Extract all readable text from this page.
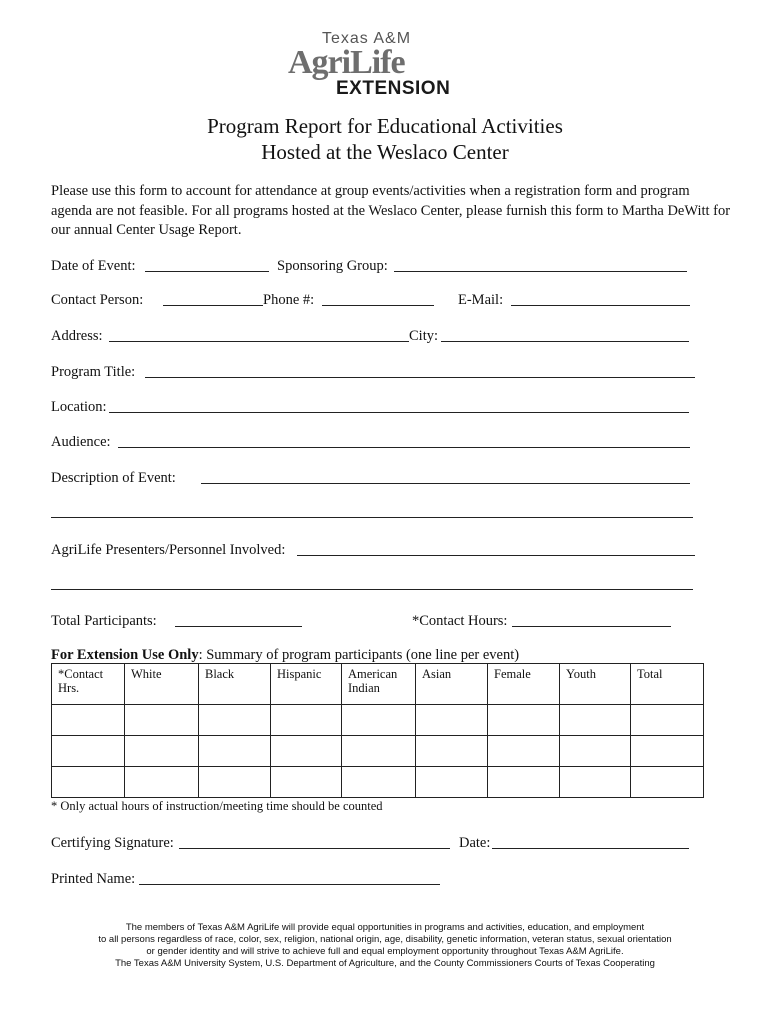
Texas A&M
AgriLife
EXTENSION
Program Report for Educational Activities
Hosted at the Weslaco Center
Please use this form to account for attendance at group events/activities when a registration form and program agenda are not feasible. For all programs hosted at the Weslaco Center, please furnish this form to Martha DeWitt for our annual Center Usage Report.
Date of Event:	Sponsoring Group:
Contact Person:	Phone #:	E-Mail:
Address:	City:
Program Title:
Location:
Audience:
Description of Event:
AgriLife Presenters/Personnel Involved:
Total Participants:	*Contact Hours:
For Extension Use Only: Summary of program participants (one line per event)
*Contact Hrs.	White	Black	Hispanic	American Indian	Asian	Female	Youth	Total

* Only actual hours of instruction/meeting time should be counted
Certifying Signature:	Date:
Printed Name:
The members of Texas A&M AgriLife will provide equal opportunities in programs and activities, education, and employment
to all persons regardless of race, color, sex, religion, national origin, age, disability, genetic information, veteran status, sexual orientation
or gender identity and will strive to achieve full and equal employment opportunity throughout Texas A&M AgriLife.
The Texas A&M University System, U.S. Department of Agriculture, and the County Commissioners Courts of Texas Cooperating
